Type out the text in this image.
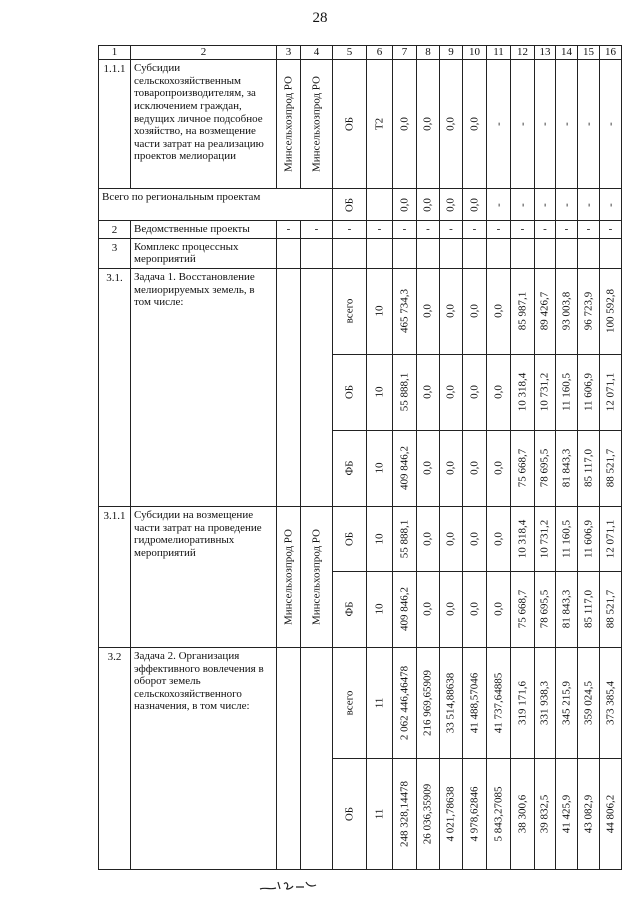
28
1	2	3	4	5	6	7	8	9	10	11	12	13	14	15	16
1.1.1	Субсидии сельскохозяйственным товаропроизводителям, за исключением граждан, ведущих личное подсобное хозяйство, на возмещение части затрат на реализацию проектов мелиорации	Минсельхозпрод РО	Минсельхозпрод РО	ОБ	Т2	0,0	0,0	0,0	0,0	-	-	-	-	-	-

Всего по региональным проектам				ОБ		0,0	0,0	0,0	0,0	-	-	-	-	-	-

2	Ведомственные проекты	-	-	-	-	-	-	-	-	-	-	-	-	-	-
3	Комплекс процессных мероприятий														
3.1.	Задача 1. Восстановление мелиорируемых земель, в том числе:			всего	10	465 734,3	0,0	0,0	0,0	0,0	85 987,1	89 426,7	93 003,8	96 723,9	100 592,8

				ОБ	10	55 888,1	0,0	0,0	0,0	0,0	10 318,4	10 731,2	11 160,5	11 606,9	12 071,1

				ФБ	10	409 846,2	0,0	0,0	0,0	0,0	75 668,7	78 695,5	81 843,3	85 117,0	88 521,7

3.1.1	Субсидии на возмещение части затрат на проведение гидромелиоративных мероприятий	Минсельхозпрод РО	Минсельхозпрод РО	ОБ	10	55 888,1	0,0	0,0	0,0	0,0	10 318,4	10 731,2	11 160,5	11 606,9	12 071,1

				ФБ	10	409 846,2	0,0	0,0	0,0	0,0	75 668,7	78 695,5	81 843,3	85 117,0	88 521,7

3.2	Задача 2. Организация эффективного вовлечения в оборот земель сельскохозяйственного назначения, в том числе:			всего	11	2 062 446,46478	216 969,65909	33 514,88638	41 488,57046	41 737,64885	319 171,6	331 938,3	345 215,9	359 024,5	373 385,4

				ОБ	11	248 328,14478	26 036,35909	4 021,78638	4 978,62846	5 843,27085	38 300,6	39 832,5	41 425,9	43 082,9	44 806,2
